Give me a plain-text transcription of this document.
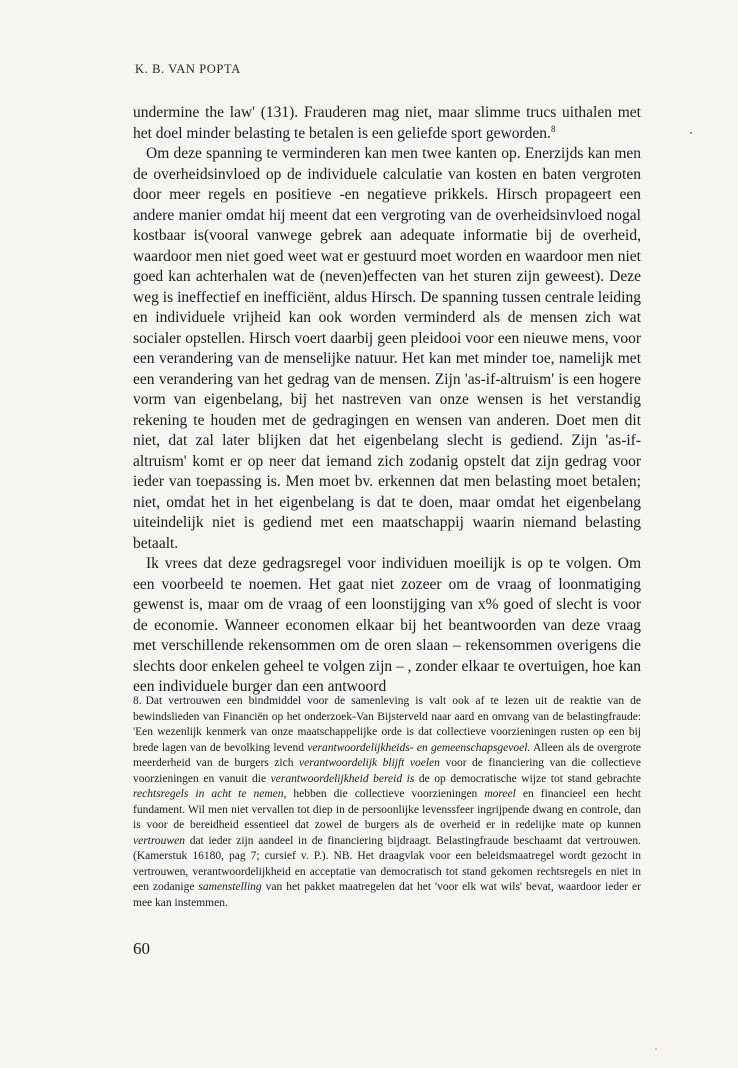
K. B. VAN POPTA

undermine the law' (131). Frauderen mag niet, maar slimme trucs uithalen met het doel minder belasting te betalen is een geliefde sport geworden.$^8$

Om deze spanning te verminderen kan men twee kanten op. Enerzijds kan men de overheidsinvloed op de individuele calculatie van kosten en baten vergroten door meer regels en positieve -en negatieve prikkels. Hirsch propageert een andere manier omdat hij meent dat een vergroting van de overheidsinvloed nogal kostbaar is(vooral vanwege gebrek aan adequate informatie bij de overheid, waardoor men niet goed weet wat er gestuurd moet worden en waardoor men niet goed kan achterhalen wat de (neven)effecten van het sturen zijn geweest). Deze weg is ineffectief en inefficiënt, aldus Hirsch. De spanning tussen centrale leiding en individuele vrijheid kan ook worden verminderd als de mensen zich wat socialer opstellen. Hirsch voert daarbij geen pleidooi voor een nieuwe mens, voor een verandering van de menselijke natuur. Het kan met minder toe, namelijk met een verandering van het gedrag van de mensen. Zijn 'as-if-altruism' is een hogere vorm van eigenbelang, bij het nastreven van onze wensen is het verstandig rekening te houden met de gedragingen en wensen van anderen. Doet men dit niet, dat zal later blijken dat het eigenbelang slecht is gediend. Zijn 'as-if-altruism' komt er op neer dat iemand zich zodanig opstelt dat zijn gedrag voor ieder van toepassing is. Men moet bv. erkennen dat men belasting moet betalen; niet, omdat het in het eigenbelang is dat te doen, maar omdat het eigenbelang uiteindelijk niet is gediend met een maatschappij waarin niemand belasting betaalt.

Ik vrees dat deze gedragsregel voor individuen moeilijk is op te volgen. Om een voorbeeld te noemen. Het gaat niet zozeer om de vraag of loonmatiging gewenst is, maar om de vraag of een loonstijging van x% goed of slecht is voor de economie. Wanneer economen elkaar bij het beantwoorden van deze vraag met verschillende rekensommen om de oren slaan – rekensommen overigens die slechts door enkelen geheel te volgen zijn – , zonder elkaar te overtuigen, hoe kan een individuele burger dan een antwoord

8. Dat vertrouwen een bindmiddel voor de samenleving is valt ook af te lezen uit de reaktie van de bewindslieden van Financiën op het onderzoek-Van Bijsterveld naar aard en omvang van de belastingfraude: 'Een wezenlijk kenmerk van onze maatschappelijke orde is dat collectieve voorzieningen rusten op een bij brede lagen van de bevolking levend verantwoordelijkheids- en gemeenschapsgevoel. Alleen als de overgrote meerderheid van de burgers zich verantwoordelijk blijft voelen voor de financiering van die collectieve voorzieningen en vanuit die verantwoordelijkheid bereid is de op democratische wijze tot stand gebrachte rechtsregels in acht te nemen, hebben die collectieve voorzieningen moreel en financieel een hecht fundament. Wil men niet vervallen tot diep in de persoonlijke levenssfeer ingrijpende dwang en controle, dan is voor de bereidheid essentieel dat zowel de burgers als de overheid er in redelijke mate op kunnen vertrouwen dat ieder zijn aandeel in de financiering bijdraagt. Belastingfraude beschaamt dat vertrouwen. (Kamerstuk 16180, pag 7; cursief v. P.). NB. Het draagvlak voor een beleidsmaatregel wordt gezocht in vertrouwen, verantwoordelijkheid en acceptatie van democratisch tot stand gekomen rechtsregels en niet in een zodanige samenstelling van het pakket maatregelen dat het 'voor elk wat wils' bevat, waardoor ieder er mee kan instemmen.
60
